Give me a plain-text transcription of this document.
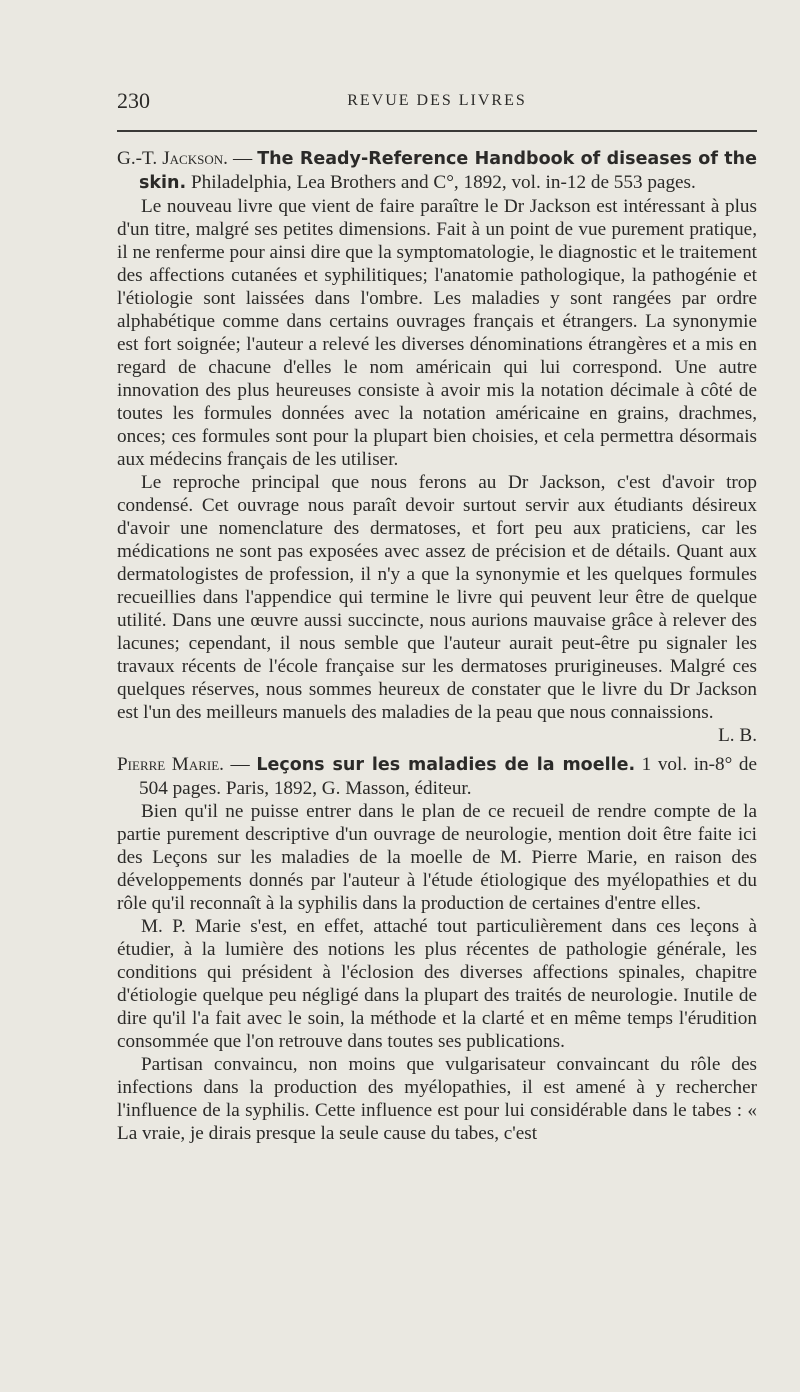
230	REVUE DES LIVRES

G.-T. Jackson. — The Ready-Reference Handbook of diseases of the skin. Philadelphia, Lea Brothers and C°, 1892, vol. in-12 de 553 pages.

Le nouveau livre que vient de faire paraître le Dr Jackson est intéressant à plus d'un titre, malgré ses petites dimensions. Fait à un point de vue purement pratique, il ne renferme pour ainsi dire que la symptomatologie, le diagnostic et le traitement des affections cutanées et syphilitiques; l'anatomie pathologique, la pathogénie et l'étiologie sont laissées dans l'ombre. Les maladies y sont rangées par ordre alphabétique comme dans certains ouvrages français et étrangers. La synonymie est fort soignée; l'auteur a relevé les diverses dénominations étrangères et a mis en regard de chacune d'elles le nom américain qui lui correspond. Une autre innovation des plus heureuses consiste à avoir mis la notation décimale à côté de toutes les formules données avec la notation américaine en grains, drachmes, onces; ces formules sont pour la plupart bien choisies, et cela permettra désormais aux médecins français de les utiliser.

Le reproche principal que nous ferons au Dr Jackson, c'est d'avoir trop condensé. Cet ouvrage nous paraît devoir surtout servir aux étudiants désireux d'avoir une nomenclature des dermatoses, et fort peu aux praticiens, car les médications ne sont pas exposées avec assez de précision et de détails. Quant aux dermatologistes de profession, il n'y a que la synonymie et les quelques formules recueillies dans l'appendice qui termine le livre qui peuvent leur être de quelque utilité. Dans une œuvre aussi succincte, nous aurions mauvaise grâce à relever des lacunes; cependant, il nous semble que l'auteur aurait peut-être pu signaler les travaux récents de l'école française sur les dermatoses prurigineuses. Malgré ces quelques réserves, nous sommes heureux de constater que le livre du Dr Jackson est l'un des meilleurs manuels des maladies de la peau que nous connaissions.
L. B.

Pierre Marie. — Leçons sur les maladies de la moelle. 1 vol. in-8° de 504 pages. Paris, 1892, G. Masson, éditeur.

Bien qu'il ne puisse entrer dans le plan de ce recueil de rendre compte de la partie purement descriptive d'un ouvrage de neurologie, mention doit être faite ici des Leçons sur les maladies de la moelle de M. Pierre Marie, en raison des développements donnés par l'auteur à l'étude étiologique des myélopathies et du rôle qu'il reconnaît à la syphilis dans la production de certaines d'entre elles.

M. P. Marie s'est, en effet, attaché tout particulièrement dans ces leçons à étudier, à la lumière des notions les plus récentes de pathologie générale, les conditions qui président à l'éclosion des diverses affections spinales, chapitre d'étiologie quelque peu négligé dans la plupart des traités de neurologie. Inutile de dire qu'il l'a fait avec le soin, la méthode et la clarté et en même temps l'érudition consommée que l'on retrouve dans toutes ses publications.

Partisan convaincu, non moins que vulgarisateur convaincant du rôle des infections dans la production des myélopathies, il est amené à y rechercher l'influence de la syphilis. Cette influence est pour lui considérable dans le tabes : « La vraie, je dirais presque la seule cause du tabes, c'est
